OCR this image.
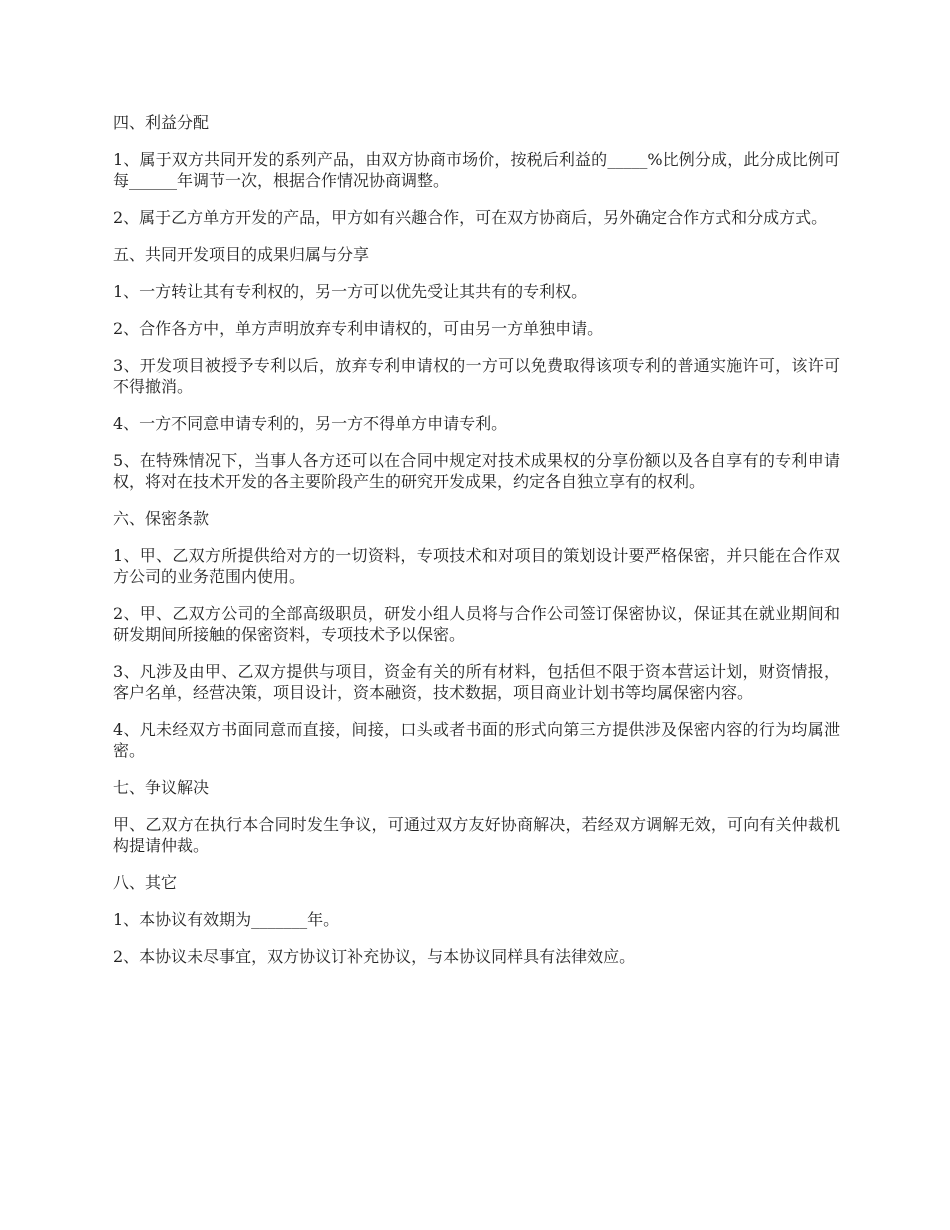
四、利益分配

1、属于双方共同开发的系列产品，由双方协商市场价，按税后利益的_____%比例分成，此分成比例可每______年调节一次，根据合作情况协商调整。

2、属于乙方单方开发的产品，甲方如有兴趣合作，可在双方协商后，另外确定合作方式和分成方式。

五、共同开发项目的成果归属与分享

1、一方转让其有专利权的，另一方可以优先受让其共有的专利权。

2、合作各方中，单方声明放弃专利申请权的，可由另一方单独申请。

3、开发项目被授予专利以后，放弃专利申请权的一方可以免费取得该项专利的普通实施许可，该许可不得撤消。

4、一方不同意申请专利的，另一方不得单方申请专利。

5、在特殊情况下，当事人各方还可以在合同中规定对技术成果权的分享份额以及各自享有的专利申请权，将对在技术开发的各主要阶段产生的研究开发成果，约定各自独立享有的权利。

六、保密条款

1、甲、乙双方所提供给对方的一切资料，专项技术和对项目的策划设计要严格保密，并只能在合作双方公司的业务范围内使用。

2、甲、乙双方公司的全部高级职员，研发小组人员将与合作公司签订保密协议，保证其在就业期间和研发期间所接触的保密资料，专项技术予以保密。

3、凡涉及由甲、乙双方提供与项目，资金有关的所有材料，包括但不限于资本营运计划，财资情报，客户名单，经营决策，项目设计，资本融资，技术数据，项目商业计划书等均属保密内容。

4、凡未经双方书面同意而直接，间接，口头或者书面的形式向第三方提供涉及保密内容的行为均属泄密。

七、争议解决

甲、乙双方在执行本合同时发生争议，可通过双方友好协商解决，若经双方调解无效，可向有关仲裁机构提请仲裁。

八、其它

1、本协议有效期为_______年。

2、本协议未尽事宜，双方协议订补充协议，与本协议同样具有法律效应。
